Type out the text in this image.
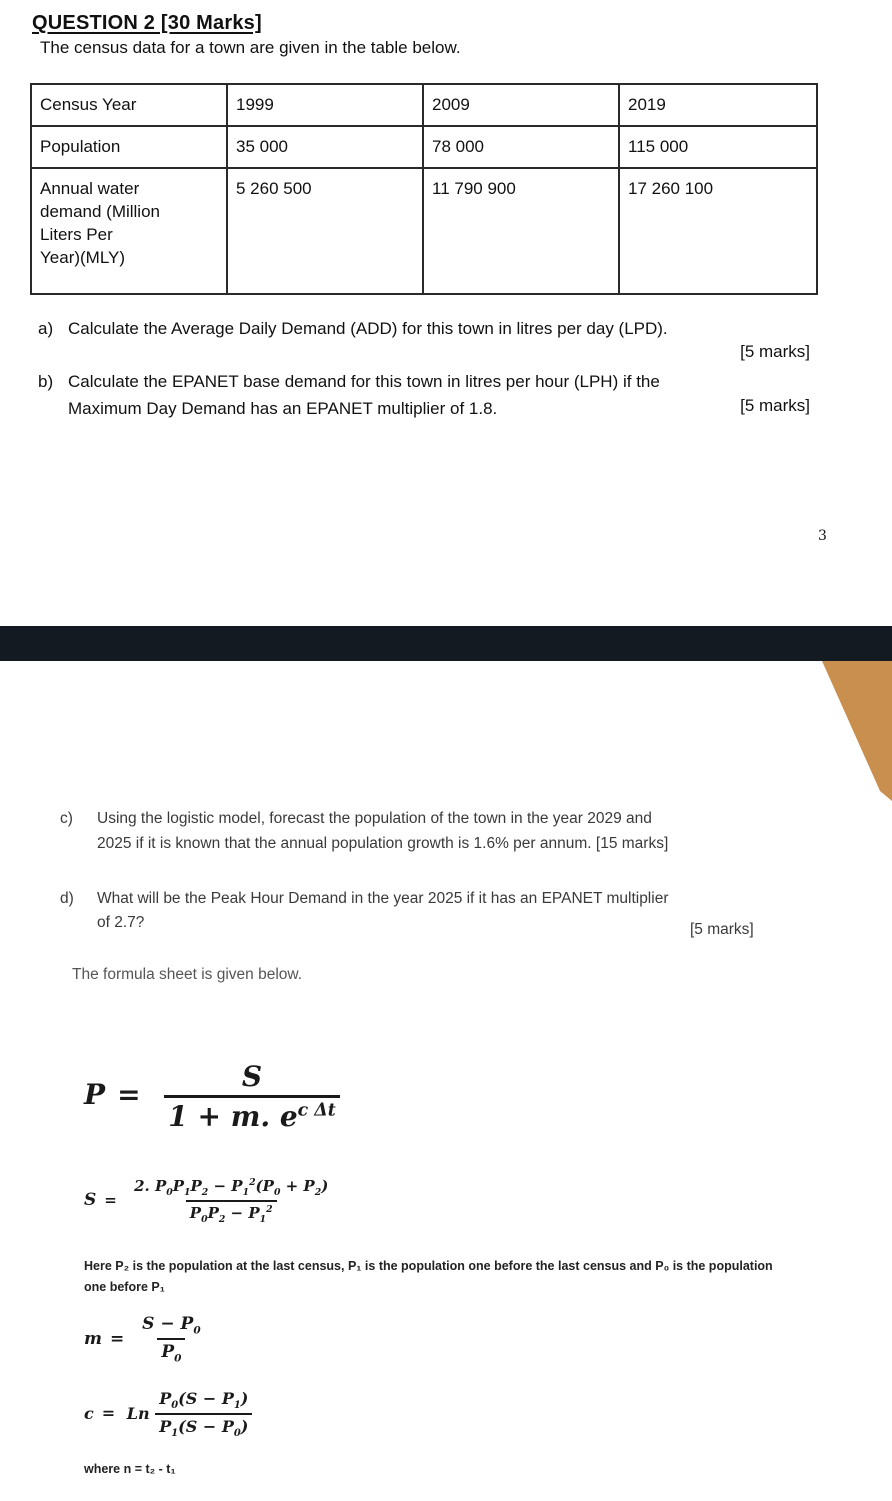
QUESTION 2 [30 Marks]
The census data for a town are given in the table below.
Census Year	1999	2009	2019
Population	35 000	78 000	115 000
Annual water
demand (Million
Liters Per
Year)(MLY)	5 260 500	11 790 900	17 260 100
a) Calculate the Average Daily Demand (ADD) for this town in litres per day (LPD).
[5 marks]
b) Calculate the EPANET base demand for this town in litres per hour (LPH) if the
Maximum Day Demand has an EPANET multiplier of 1.8.	[5 marks]
3
c) Using the logistic model, forecast the population of the town in the year 2029 and
2025 if it is known that the annual population growth is 1.6% per annum. [15 marks]
d) What will be the Peak Hour Demand in the year 2025 if it has an EPANET multiplier
of 2.7?	[5 marks]
The formula sheet is given below.
$P = \frac{S}{1 + m. e^{c \Delta t}}$
$S = \frac{2. P_0P_1P_2 - P_1^2(P_0 + P_2)}{P_0P_2 - P_1^2}$
Here P₂ is the population at the last census, P₁ is the population one before the last census and P₀ is the population one before P₁
$m = \frac{S - P_0}{P_0}$
c = Ln $\frac{P_0(S - P_1)}{P_1(S - P_0)}$
where n = t₂ - t₁
